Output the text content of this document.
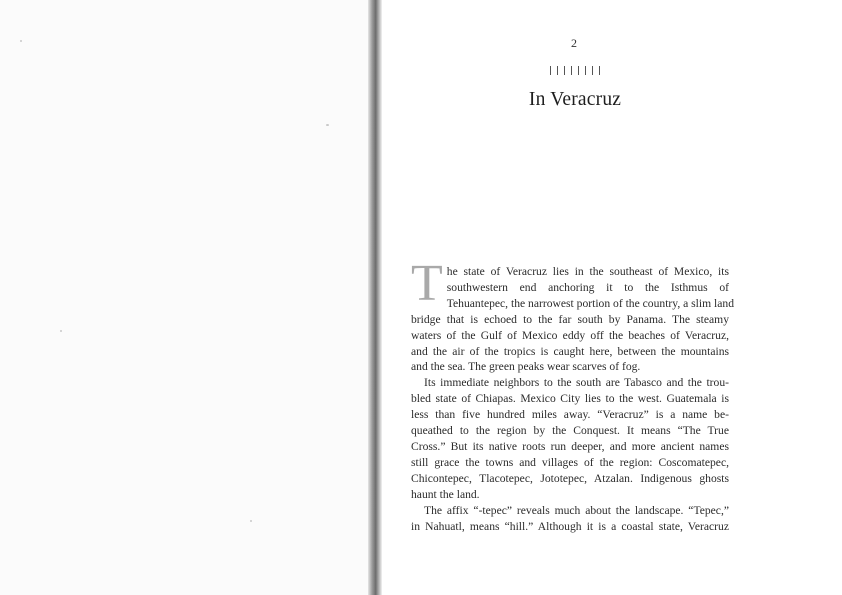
2
In Veracruz
T he state of Veracruz lies in the southeast of Mexico, its
southwestern end anchoring it to the Isthmus of
Tehuantepec, the narrowest portion of the country, a slim land
bridge that is echoed to the far south by Panama. The steamy
waters of the Gulf of Mexico eddy off the beaches of Veracruz,
and the air of the tropics is caught here, between the mountains
and the sea. The green peaks wear scarves of fog.
Its immediate neighbors to the south are Tabasco and the trou-
bled state of Chiapas. Mexico City lies to the west. Guatemala is
less than five hundred miles away. “Veracruz” is a name be-
queathed to the region by the Conquest. It means “The True
Cross.” But its native roots run deeper, and more ancient names
still grace the towns and villages of the region: Coscomatepec,
Chicontepec, Tlacotepec, Jototepec, Atzalan. Indigenous ghosts
haunt the land.
The affix “-tepec” reveals much about the landscape. “Tepec,”
in Nahuatl, means “hill.” Although it is a coastal state, Veracruz
